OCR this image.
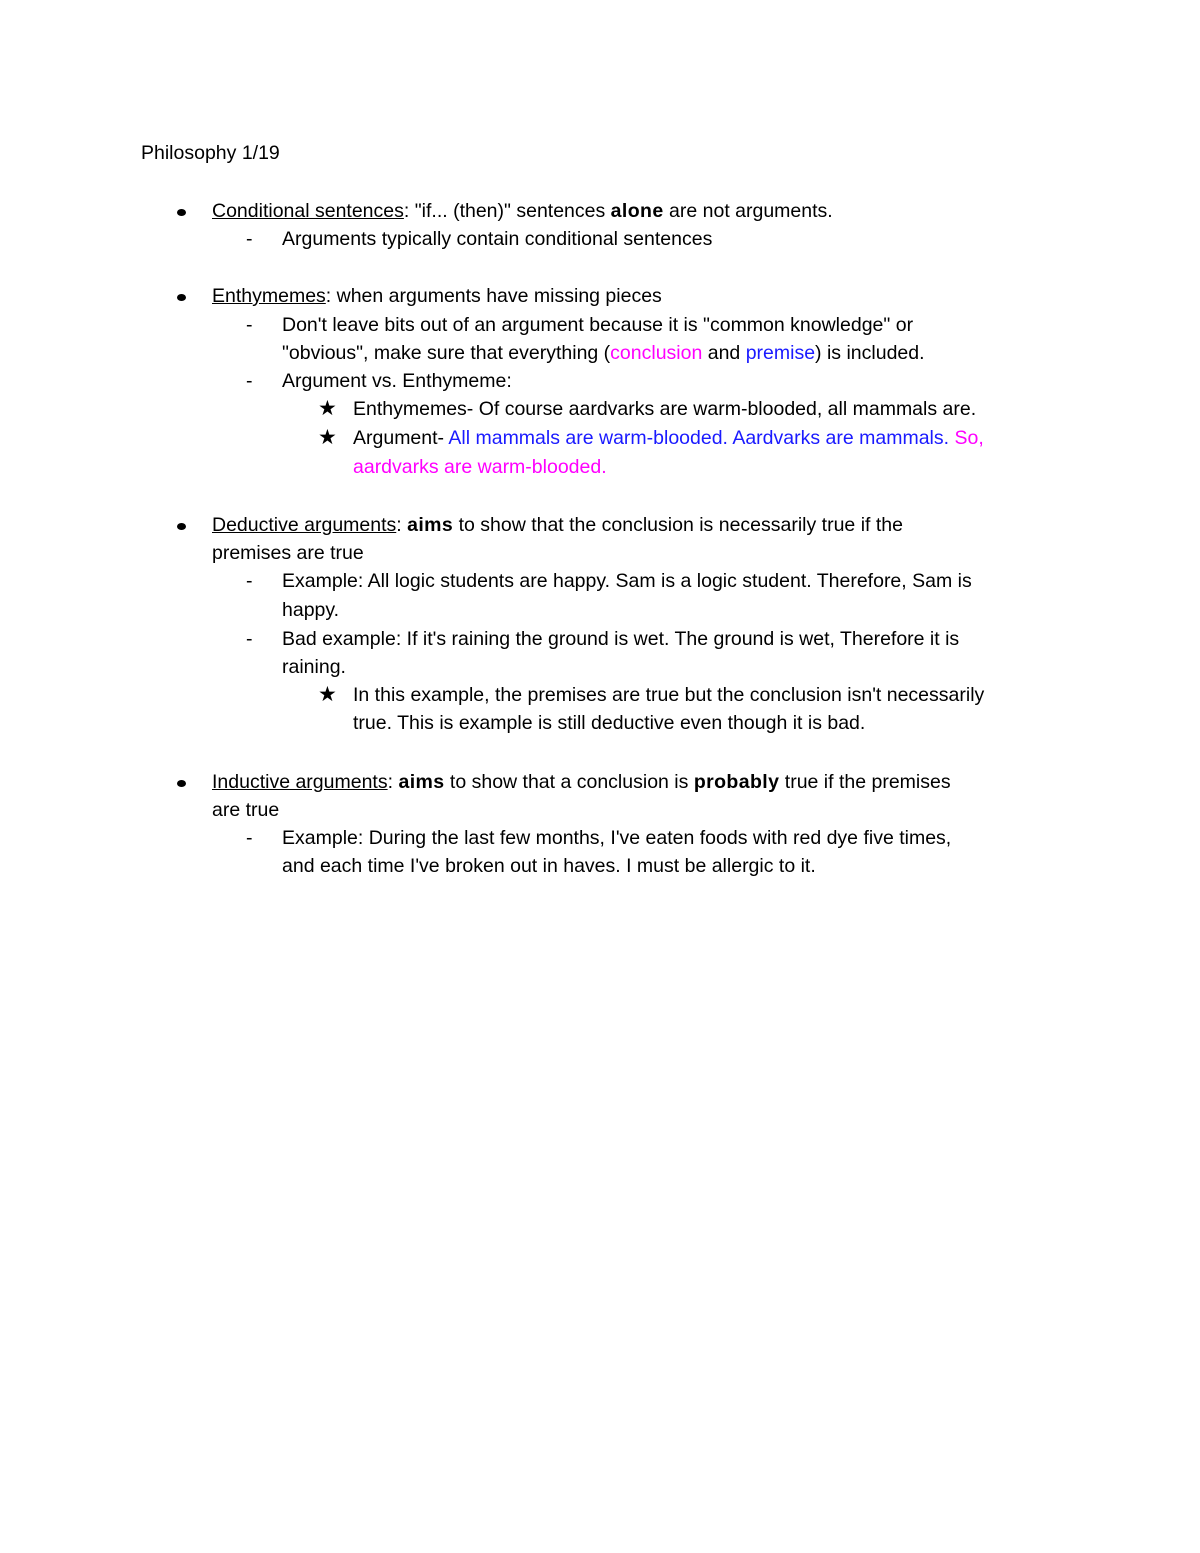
Philosophy 1/19
Conditional sentences: "if... (then)" sentences alone are not arguments.
- Arguments typically contain conditional sentences
Enthymemes: when arguments have missing pieces
- Don't leave bits out of an argument because it is "common knowledge" or
"obvious", make sure that everything (conclusion and premise) is included.
- Argument vs. Enthymeme:
★ Enthymemes- Of course aardvarks are warm-blooded, all mammals are.
★ Argument- All mammals are warm-blooded. Aardvarks are mammals. So,
aardvarks are warm-blooded.
Deductive arguments: aims to show that the conclusion is necessarily true if the
premises are true
- Example: All logic students are happy. Sam is a logic student. Therefore, Sam is
happy.
- Bad example: If it's raining the ground is wet. The ground is wet, Therefore it is
raining.
★ In this example, the premises are true but the conclusion isn't necessarily
true. This is example is still deductive even though it is bad.
Inductive arguments: aims to show that a conclusion is probably true if the premises
are true
- Example: During the last few months, I've eaten foods with red dye five times,
and each time I've broken out in haves. I must be allergic to it.
